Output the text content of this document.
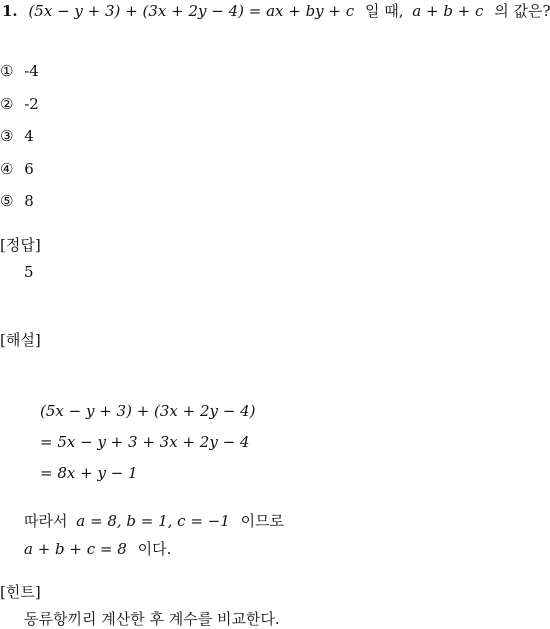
1. (5x − y + 3) + (3x + 2y − 4) = ax + by + c 일 때, a + b + c 의 값은?
① -4
② -2
③ 4
④ 6
⑤ 8
[정답]
5
[해설]
(5x − y + 3) + (3x + 2y − 4)
= 5x − y + 3 + 3x + 2y − 4
= 8x + y − 1
따라서 a = 8, b = 1, c = −1 이므로
a + b + c = 8 이다.
[힌트]
동류항끼리 계산한 후 계수를 비교한다.
